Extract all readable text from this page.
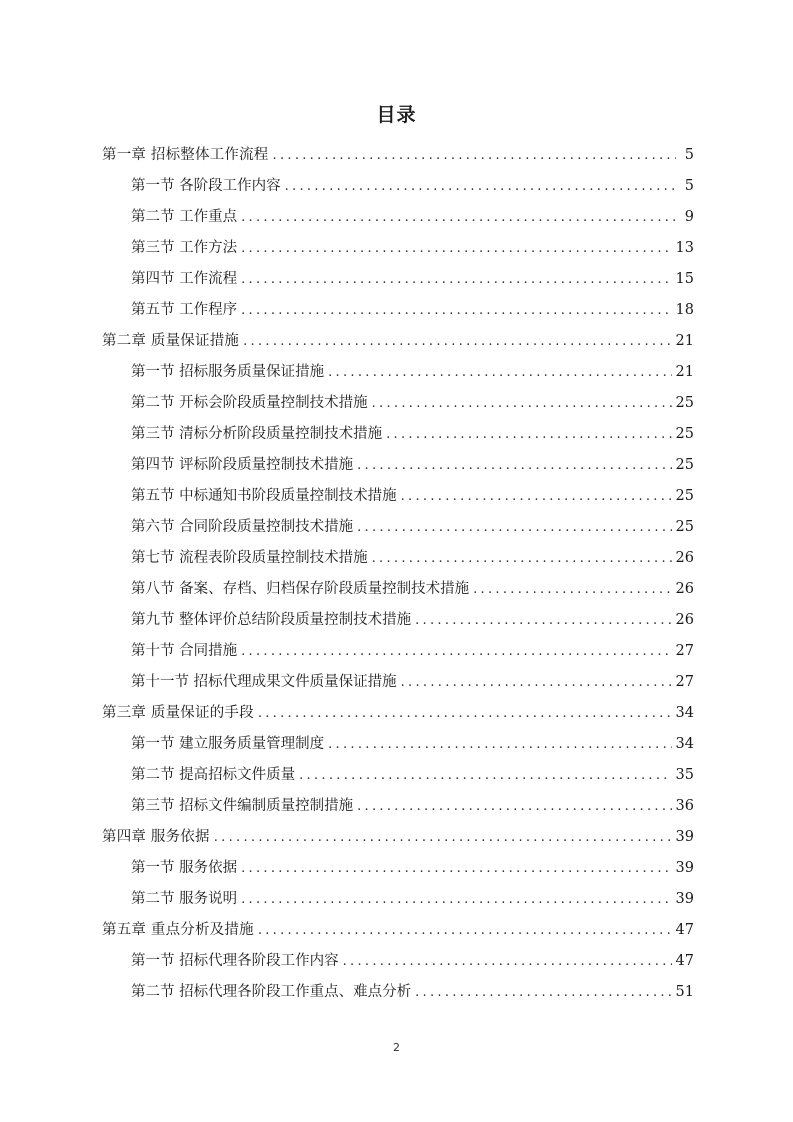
目录
第一章 招标整体工作流程 .....	5
第一节 各阶段工作内容 .....	5
第二节 工作重点 .....	9
第三节 工作方法 .....	13
第四节 工作流程 .....	15
第五节 工作程序 .....	18
第二章 质量保证措施 .....	21
第一节 招标服务质量保证措施 .....	21
第二节 开标会阶段质量控制技术措施 .....	25
第三节 清标分析阶段质量控制技术措施 .....	25
第四节 评标阶段质量控制技术措施 .....	25
第五节 中标通知书阶段质量控制技术措施 .....	25
第六节 合同阶段质量控制技术措施 .....	25
第七节 流程表阶段质量控制技术措施 .....	26
第八节 备案、存档、归档保存阶段质量控制技术措施 .....	26
第九节 整体评价总结阶段质量控制技术措施 .....	26
第十节 合同措施 .....	27
第十一节 招标代理成果文件质量保证措施 .....	27
第三章 质量保证的手段 .....	34
第一节 建立服务质量管理制度 .....	34
第二节 提高招标文件质量 .....	35
第三节 招标文件编制质量控制措施 .....	36
第四章 服务依据 .....	39
第一节 服务依据 .....	39
第二节 服务说明 .....	39
第五章 重点分析及措施 .....	47
第一节 招标代理各阶段工作内容 .....	47
第二节 招标代理各阶段工作重点、难点分析 .....	51
2
